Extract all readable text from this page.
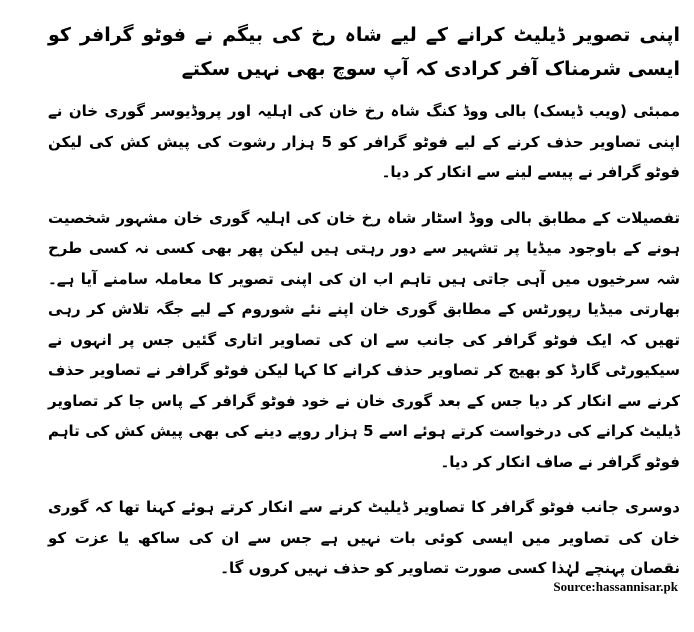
اپنی تصویر ڈیلیٹ کرانے کے لیے شاہ رخ کی بیگم نے فوٹو گرافر کو ایسی شرمناک آفر کرادی کہ آپ سوچ بھی نہیں سکتے
ممبئی (ویب ڈیسک) بالی ووڈ کنگ شاہ رخ خان کی اہلیہ اور پروڈیوسر گوری خان نے اپنی تصاویر حذف کرنے کے لیے فوٹو گرافر کو 5 ہزار رشوت کی پیش کش کی لیکن فوٹو گرافر نے پیسے لینے سے انکار کر دیا۔
تفصیلات کے مطابق بالی ووڈ اسٹار شاہ رخ خان کی اہلیہ گوری خان مشہور شخصیت ہونے کے باوجود میڈیا پر تشہیر سے دور رہتی ہیں لیکن پھر بھی کسی نہ کسی طرح شہ سرخیوں میں آہی جاتی ہیں تاہم اب ان کی اپنی تصویر کا معاملہ سامنے آیا ہے۔ بھارتی میڈیا رپورٹس کے مطابق گوری خان اپنے نئے شوروم کے لیے جگہ تلاش کر رہی تھیں کہ ایک فوٹو گرافر کی جانب سے ان کی تصاویر اتاری گئیں جس پر انہوں نے سیکیورٹی گارڈ کو بھیج کر تصاویر حذف کرانے کا کہا لیکن فوٹو گرافر نے تصاویر حذف کرنے سے انکار کر دیا جس کے بعد گوری خان نے خود فوٹو گرافر کے پاس جا کر تصاویر ڈیلیٹ کرانے کی درخواست کرتے ہوئے اسے 5 ہزار روپے دینے کی بھی پیش کش کی تاہم فوٹو گرافر نے صاف انکار کر دیا۔
دوسری جانب فوٹو گرافر کا تصاویر ڈیلیٹ کرنے سے انکار کرتے ہوئے کہنا تھا کہ گوری خان کی تصاویر میں ایسی کوئی بات نہیں ہے جس سے ان کی ساکھ یا عزت کو نقصان پہنچے لہٰذا کسی صورت تصاویر کو حذف نہیں کروں گا۔
Source:hassannisar.pk
